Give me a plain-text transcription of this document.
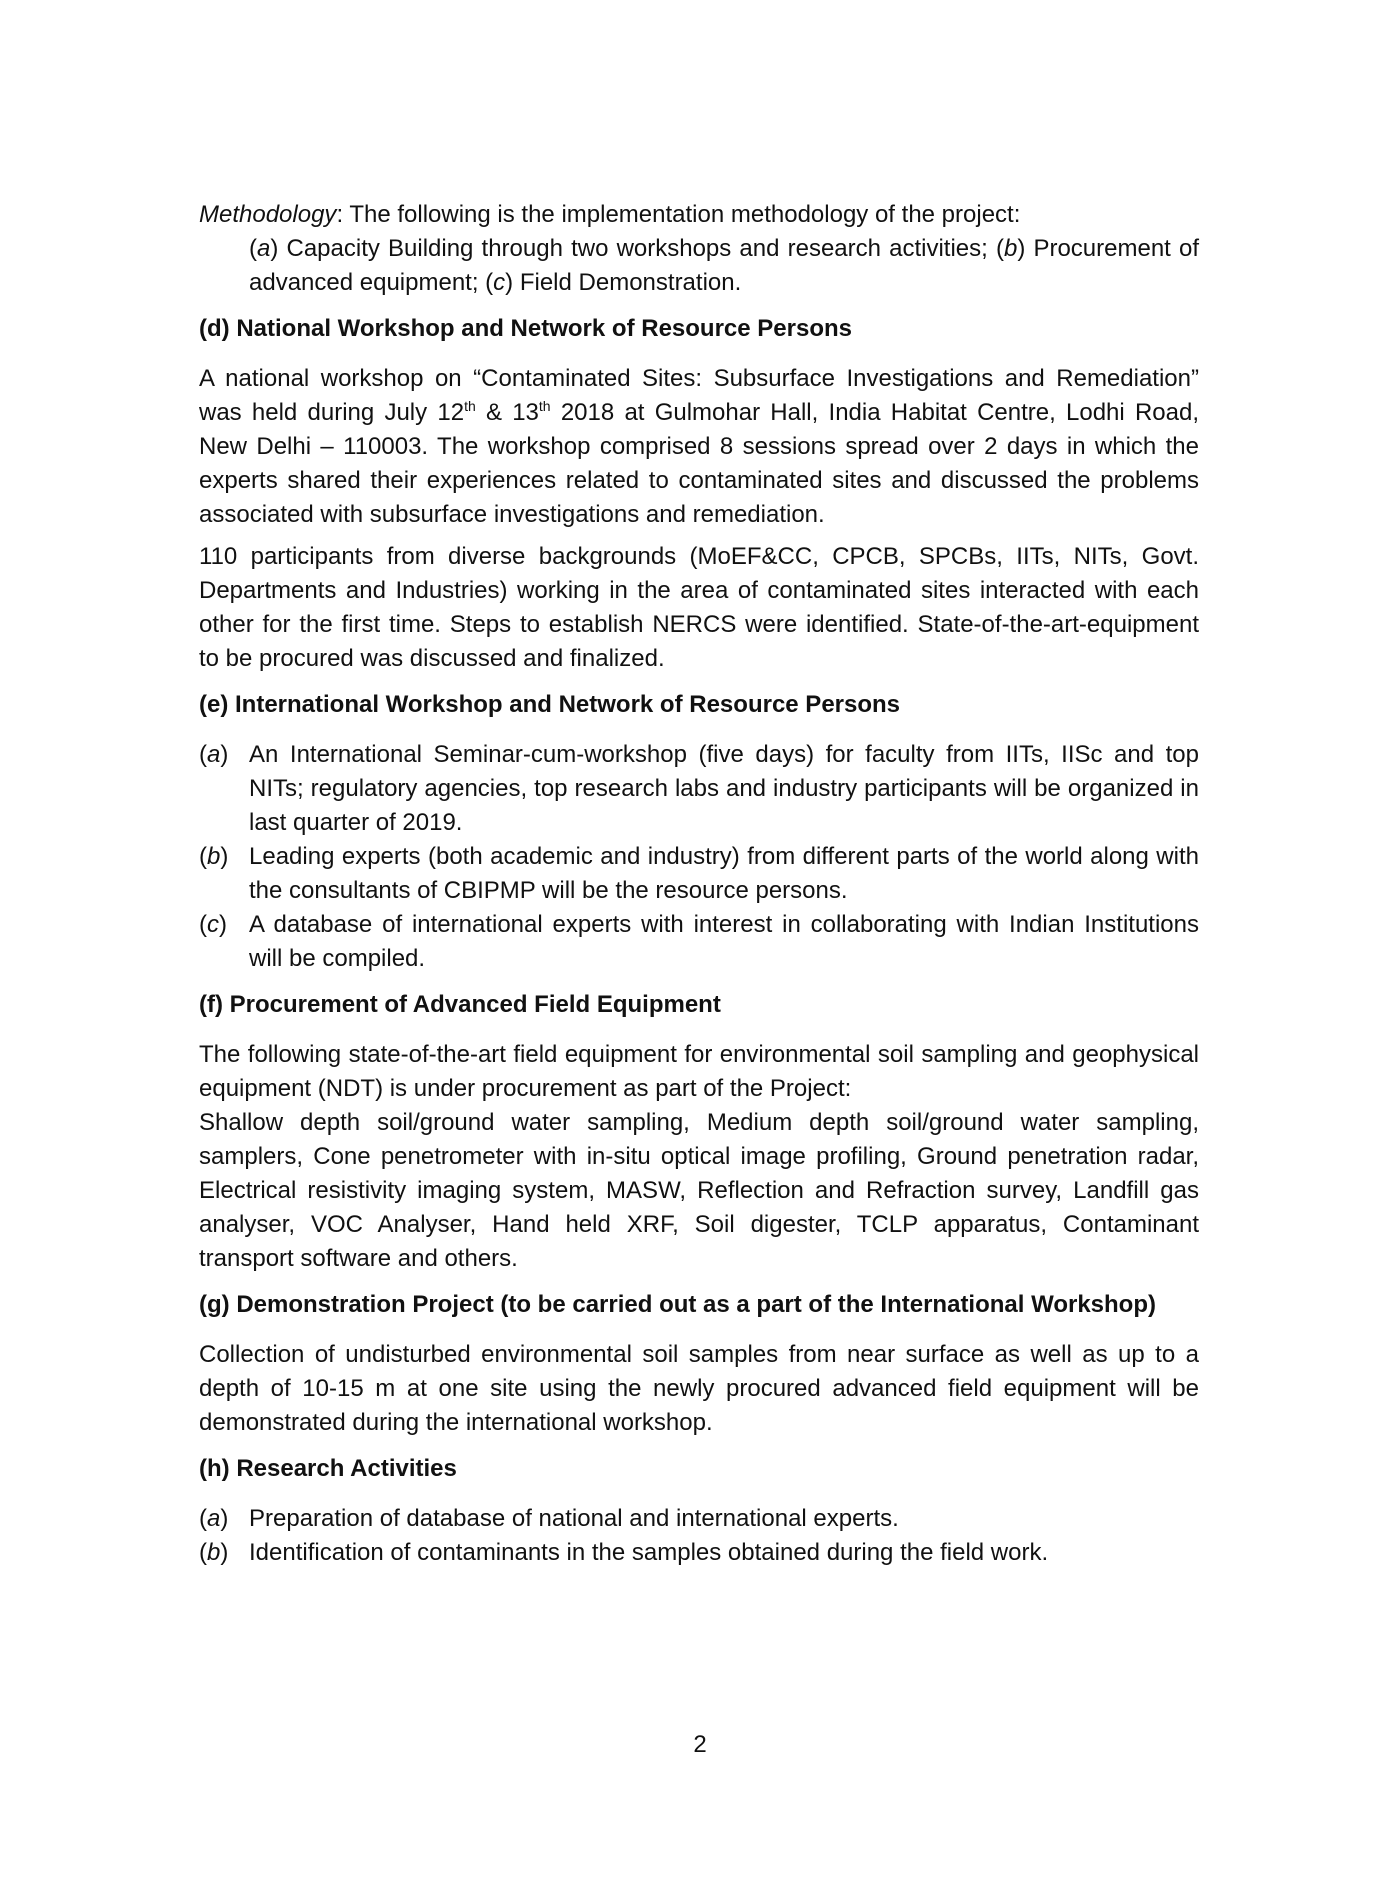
Methodology: The following is the implementation methodology of the project:

(a) Capacity Building through two workshops and research activities; (b) Procurement of advanced equipment; (c) Field Demonstration.

(d) National Workshop and Network of Resource Persons

A national workshop on “Contaminated Sites: Subsurface Investigations and Remediation” was held during July 12th & 13th 2018 at Gulmohar Hall, India Habitat Centre, Lodhi Road, New Delhi – 110003. The workshop comprised 8 sessions spread over 2 days in which the experts shared their experiences related to contaminated sites and discussed the problems associated with subsurface investigations and remediation.

110 participants from diverse backgrounds (MoEF&CC, CPCB, SPCBs, IITs, NITs, Govt. Departments and Industries) working in the area of contaminated sites interacted with each other for the first time. Steps to establish NERCS were identified. State-of-the-art-equipment to be procured was discussed and finalized.

(e) International Workshop and Network of Resource Persons
(a) An International Seminar-cum-workshop (five days) for faculty from IITs, IISc and top NITs; regulatory agencies, top research labs and industry participants will be organized in last quarter of 2019.
(b) Leading experts (both academic and industry) from different parts of the world along with the consultants of CBIPMP will be the resource persons.
(c) A database of international experts with interest in collaborating with Indian Institutions will be compiled.
(f) Procurement of Advanced Field Equipment

The following state-of-the-art field equipment for environmental soil sampling and geophysical equipment (NDT) is under procurement as part of the Project:

Shallow depth soil/ground water sampling, Medium depth soil/ground water sampling, samplers, Cone penetrometer with in-situ optical image profiling, Ground penetration radar, Electrical resistivity imaging system, MASW, Reflection and Refraction survey, Landfill gas analyser, VOC Analyser, Hand held XRF, Soil digester, TCLP apparatus, Contaminant transport software and others.

(g) Demonstration Project (to be carried out as a part of the International Workshop)

Collection of undisturbed environmental soil samples from near surface as well as up to a depth of 10-15 m at one site using the newly procured advanced field equipment will be demonstrated during the international workshop.

(h) Research Activities
(a) Preparation of database of national and international experts.
(b) Identification of contaminants in the samples obtained during the field work.
2
